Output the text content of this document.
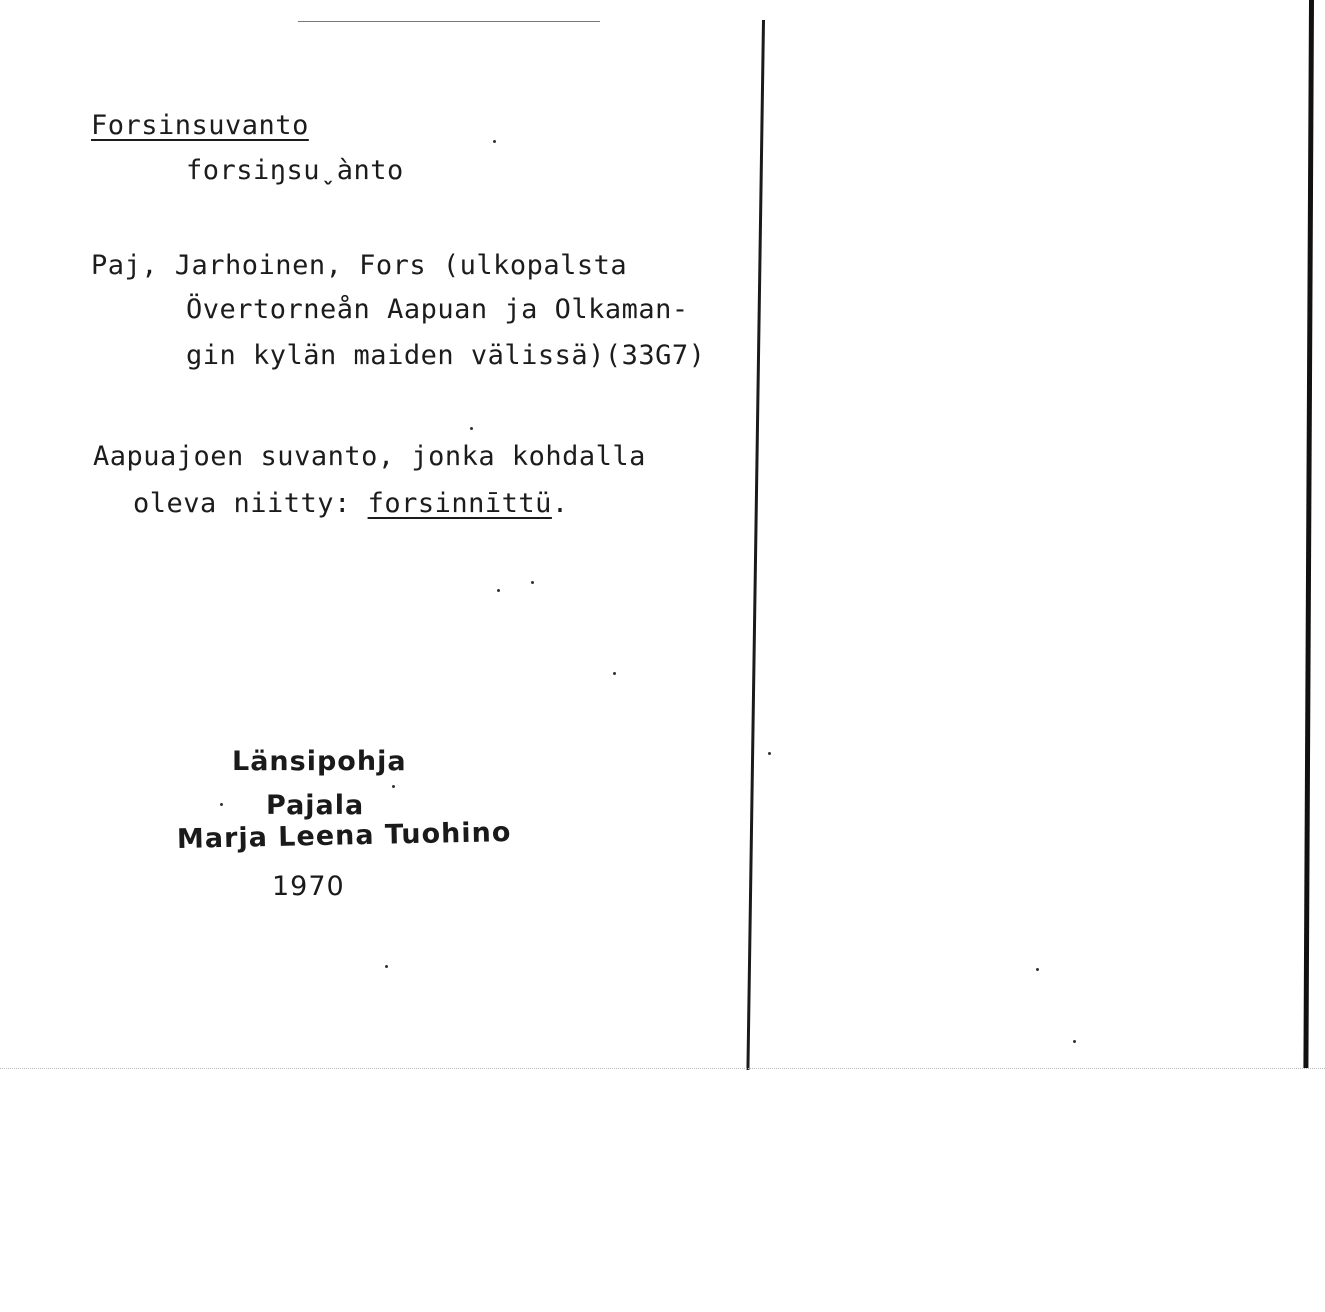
Forsinsuvanto
forsiŋsuˬànto
Paj, Jarhoinen, Fors (ulkopalsta
Övertorneån Aapuan ja Olkaman-
gin kylän maiden välissä)(33G7)
Aapuajoen suvanto, jonka kohdalla
oleva niitty: forsinnīttü.
Länsipohja
Pajala
Marja Leena Tuohino
1970
